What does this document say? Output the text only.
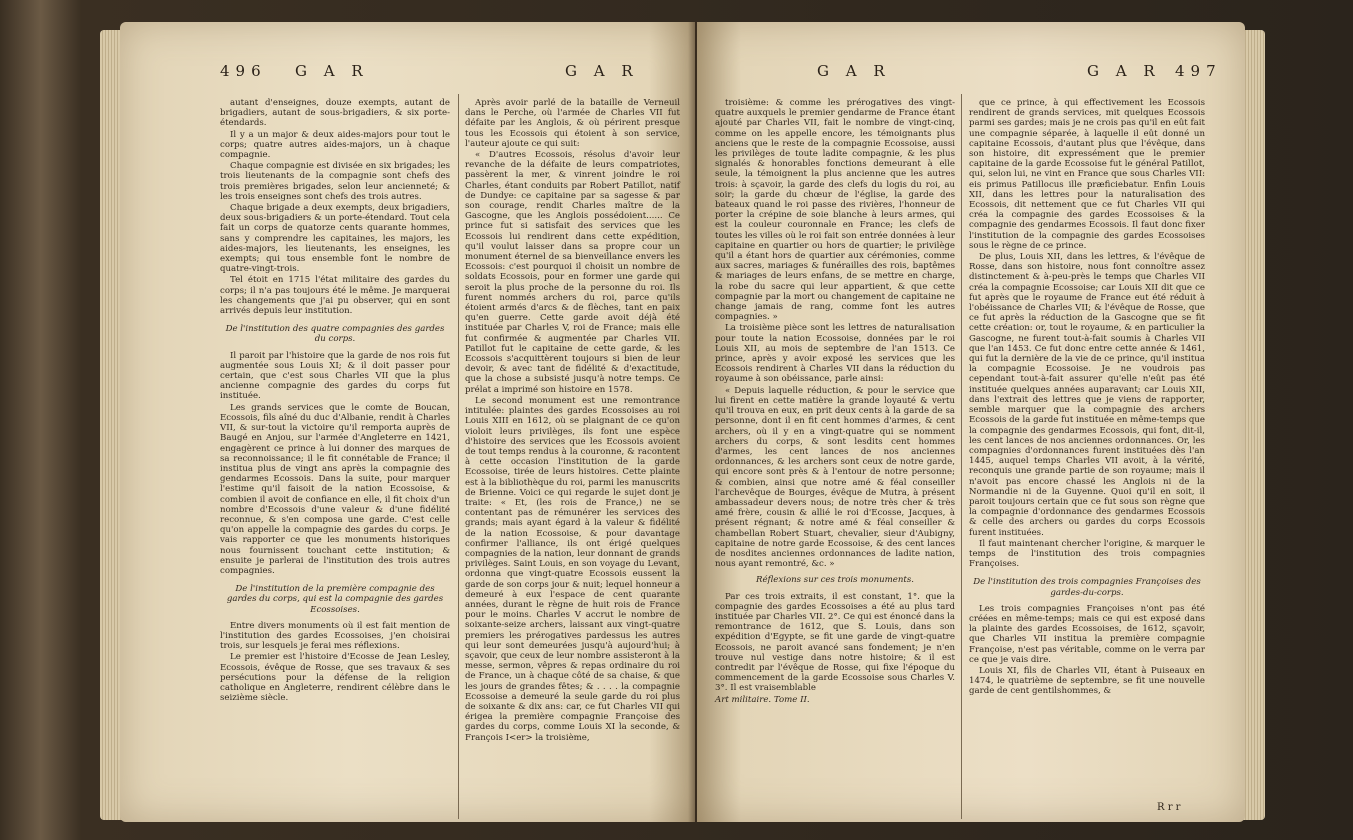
496 G A R	G A R

autant d'enseignes, douze exempts, autant de brigadiers, autant de sous-brigadiers, & six porte-étendards.

Il y a un major & deux aides-majors pour tout le corps; quatre autres aides-majors, un à chaque compagnie.

Chaque compagnie est divisée en six brigades; les trois lieutenants de la compagnie sont chefs des trois premières brigades, selon leur ancienneté; & les trois enseignes sont chefs des trois autres.

Chaque brigade a deux exempts, deux brigadiers, deux sous-brigadiers & un porte-étendard. Tout cela fait un corps de quatorze cents quarante hommes, sans y comprendre les capitaines, les majors, les aides-majors, les lieutenants, les enseignes, les exempts; qui tous ensemble font le nombre de quatre-vingt-trois.

Tel étoit en 1715 l'état militaire des gardes du corps; il n'a pas toujours été le même. Je marquerai les changements que j'ai pu observer, qui en sont arrivés depuis leur institution.

De l'institution des quatre compagnies des gardes du corps.

Il paroit par l'histoire que la garde de nos rois fut augmentée sous Louis XI; & il doit passer pour certain, que c'est sous Charles VII que la plus ancienne compagnie des gardes du corps fut instituée.

Les grands services que le comte de Boucan, Ecossois, fils aîné du duc d'Albanie, rendit à Charles VII, & sur-tout la victoire qu'il remporta auprès de Baugé en Anjou, sur l'armée d'Angleterre en 1421, engagèrent ce prince à lui donner des marques de sa reconnoissance; il le fit connétable de France; il institua plus de vingt ans après la compagnie des gendarmes Ecossois. Dans la suite, pour marquer l'estime qu'il faisoit de la nation Ecossoise, & combien il avoit de confiance en elle, il fit choix d'un nombre d'Ecossois d'une valeur & d'une fidélité reconnue, & s'en composa une garde. C'est celle qu'on appelle la compagnie des gardes du corps. Je vais rapporter ce que les monuments historiques nous fournissent touchant cette institution; & ensuite je parlerai de l'institution des trois autres compagnies.

De l'institution de la première compagnie des gardes du corps, qui est la compagnie des gardes Ecossoises.

Entre divers monuments où il est fait mention de l'institution des gardes Ecossoises, j'en choisirai trois, sur lesquels je ferai mes réflexions.

Le premier est l'histoire d'Ecosse de Jean Lesley, Ecossois, évêque de Rosse, que ses travaux & ses persécutions pour la défense de la religion catholique en Angleterre, rendirent célèbre dans le seizième siècle.

Après avoir parlé de la bataille de Verneuil dans le Perche, où l'armée de Charles VII fut défaite par les Anglois, & où périrent presque tous les Ecossois qui étoient à son service, l'auteur ajoute ce qui suit:

« D'autres Ecossois, résolus d'avoir leur revanche de la défaite de leurs compatriotes, passèrent la mer, & vinrent joindre le roi Charles, étant conduits par Robert Patillot, natif de Dundye: ce capitaine par sa sagesse & par son courage, rendit Charles maître de la Gascogne, que les Anglois possédoient...... Ce prince fut si satisfait des services que les Ecossois lui rendirent dans cette expédition, qu'il voulut laisser dans sa propre cour un monument éternel de sa bienveillance envers les Ecossois: c'est pourquoi il choisit un nombre de soldats Ecossois, pour en former une garde qui seroit la plus proche de la personne du roi. Ils furent nommés archers du roi, parce qu'ils étoient armés d'arcs & de flèches, tant en paix qu'en guerre. Cette garde avoit déjà été instituée par Charles V, roi de France; mais elle fut confirmée & augmentée par Charles VII. Patillot fut le capitaine de cette garde, & les Ecossois s'acquittèrent toujours si bien de leur devoir, & avec tant de fidélité & d'exactitude, que la chose a subsisté jusqu'à notre temps. Ce prélat a imprimé son histoire en 1578.

Le second monument est une remontrance intitulée: plaintes des gardes Ecossoises au roi Louis XIII en 1612, où se plaignant de ce qu'on violoit leurs privilèges, ils font une espèce d'histoire des services que les Ecossois avoient de tout temps rendus à la couronne, & racontent à cette occasion l'institution de la garde Ecossoise, tirée de leurs histoires. Cette plainte est à la bibliothèque du roi, parmi les manuscrits de Brienne. Voici ce qui regarde le sujet dont je traite: « Et, (les rois de France,) ne se contentant pas de rémunérer les services des grands; mais ayant égard à la valeur & fidélité de la nation Ecossoise, & pour davantage confirmer l'alliance, ils ont érigé quelques compagnies de la nation, leur donnant de grands privilèges. Saint Louis, en son voyage du Levant, ordonna que vingt-quatre Ecossois eussent la garde de son corps jour & nuit; lequel honneur a demeuré à eux l'espace de cent quarante années, durant le règne de huit rois de France pour le moins. Charles V accrut le nombre de soixante-seize archers, laissant aux vingt-quatre premiers les prérogatives pardessus les autres qui leur sont demeurées jusqu'à aujourd'hui; à sçavoir, que ceux de leur nombre assisteront à la messe, sermon, vêpres & repas ordinaire du roi de France, un à chaque côté de sa chaise, & que les jours de grandes fêtes; & . . . . la compagnie Ecossoise a demeuré la seule garde du roi plus de soixante & dix ans: car, ce fut Charles VII qui érigea la première compagnie Françoise des gardes du corps, comme Louis XI la seconde, & François I<er> la troisième,

G A R	G A R 497

troisième: & comme les prérogatives des vingt-quatre auxquels le premier gendarme de France étant ajouté par Charles VII, fait le nombre de vingt-cinq, comme on les appelle encore, les témoignants plus anciens que le reste de la compagnie Ecossoise, aussi les privilèges de toute ladite compagnie, & les plus signalés & honorables fonctions demeurant à elle seule, la témoignent la plus ancienne que les autres trois: à sçavoir, la garde des clefs du logis du roi, au soir; la garde du chœur de l'église, la garde des bateaux quand le roi passe des rivières, l'honneur de porter la crépine de soie blanche à leurs armes, qui est la couleur couronnale en France; les clefs de toutes les villes où le roi fait son entrée données à leur capitaine en quartier ou hors de quartier; le privilège qu'il a étant hors de quartier aux cérémonies, comme aux sacres, mariages & funérailles des rois, baptêmes & mariages de leurs enfans, de se mettre en charge, la robe du sacre qui leur appartient, & que cette compagnie par la mort ou changement de capitaine ne change jamais de rang, comme font les autres compagnies. »

La troisième pièce sont les lettres de naturalisation pour toute la nation Ecossoise, données par le roi Louis XII, au mois de septembre de l'an 1513. Ce prince, après y avoir exposé les services que les Ecossois rendirent à Charles VII dans la réduction du royaume à son obéissance, parle ainsi:

« Depuis laquelle réduction, & pour le service que lui firent en cette matière la grande loyauté & vertu qu'il trouva en eux, en prit deux cents à la garde de sa personne, dont il en fit cent hommes d'armes, & cent archers, où il y en a vingt-quatre qui se nomment archers du corps, & sont lesdits cent hommes d'armes, les cent lances de nos anciennes ordonnances, & les archers sont ceux de notre garde, qui encore sont près & à l'entour de notre personne; & combien, ainsi que notre amé & féal conseiller l'archevêque de Bourges, évêque de Mutra, à présent ambassadeur devers nous; de notre très cher & très amé frère, cousin & allié le roi d'Ecosse, Jacques, à présent régnant; & notre amé & féal conseiller & chambellan Robert Stuart, chevalier, sieur d'Aubigny, capitaine de notre garde Ecossoise, & des cent lances de nosdites anciennes ordonnances de ladite nation, nous ayant remontré, &c. »

Réflexions sur ces trois monuments.

Par ces trois extraits, il est constant, 1°. que la compagnie des gardes Ecossoises a été au plus tard instituée par Charles VII. 2°. Ce qui est énoncé dans la remontrance de 1612, que S. Louis, dans son expédition d'Egypte, se fit une garde de vingt-quatre Ecossois, ne paroit avancé sans fondement; je n'en trouve nul vestige dans notre histoire; & il est contredit par l'évêque de Rosse, qui fixe l'époque du commencement de la garde Ecossoise sous Charles V. 3°. Il est vraisemblable

Art militaire. Tome II.

que ce prince, à qui effectivement les Ecossois rendirent de grands services, mit quelques Ecossois parmi ses gardes; mais je ne crois pas qu'il en eût fait une compagnie séparée, à laquelle il eût donné un capitaine Ecossois, d'autant plus que l'évêque, dans son histoire, dit expressément que le premier capitaine de la garde Ecossoise fut le général Patillot, qui, selon lui, ne vint en France que sous Charles VII: eis primus Patillocus ille præficiebatur. Enfin Louis XII, dans les lettres pour la naturalisation des Ecossois, dit nettement que ce fut Charles VII qui créa la compagnie des gardes Ecossoises & la compagnie des gendarmes Ecossois. Il faut donc fixer l'institution de la compagnie des gardes Ecossoises sous le règne de ce prince.

De plus, Louis XII, dans les lettres, & l'évêque de Rosse, dans son histoire, nous font connoître assez distinctement & à-peu-près le temps que Charles VII créa la compagnie Ecossoise; car Louis XII dit que ce fut après que le royaume de France eut été réduit à l'obéissance de Charles VII; & l'évêque de Rosse, que ce fut après la réduction de la Gascogne que se fit cette création: or, tout le royaume, & en particulier la Gascogne, ne furent tout-à-fait soumis à Charles VII que l'an 1453. Ce fut donc entre cette année & 1461, qui fut la dernière de la vie de ce prince, qu'il institua la compagnie Ecossoise. Je ne voudrois pas cependant tout-à-fait assurer qu'elle n'eût pas été instituée quelques années auparavant; car Louis XII, dans l'extrait des lettres que je viens de rapporter, semble marquer que la compagnie des archers Ecossois de la garde fut instituée en même-temps que la compagnie des gendarmes Ecossois, qui font, dit-il, les cent lances de nos anciennes ordonnances. Or, les compagnies d'ordonnances furent instituées dès l'an 1445, auquel temps Charles VII avoit, à la vérité, reconquis une grande partie de son royaume; mais il n'avoit pas encore chassé les Anglois ni de la Normandie ni de la Guyenne. Quoi qu'il en soit, il paroit toujours certain que ce fut sous son règne que la compagnie d'ordonnance des gendarmes Ecossois & celle des archers ou gardes du corps Ecossois furent instituées.

Il faut maintenant chercher l'origine, & marquer le temps de l'institution des trois compagnies Françoises.

De l'institution des trois compagnies Françoises des gardes-du-corps.

Les trois compagnies Françoises n'ont pas été créées en même-temps; mais ce qui est exposé dans la plainte des gardes Ecossoises, de 1612, sçavoir, que Charles VII institua la première compagnie Françoise, n'est pas véritable, comme on le verra par ce que je vais dire.

Louis XI, fils de Charles VII, étant à Puiseaux en 1474, le quatrième de septembre, se fit une nouvelle garde de cent gentilshommes, &

R r r
